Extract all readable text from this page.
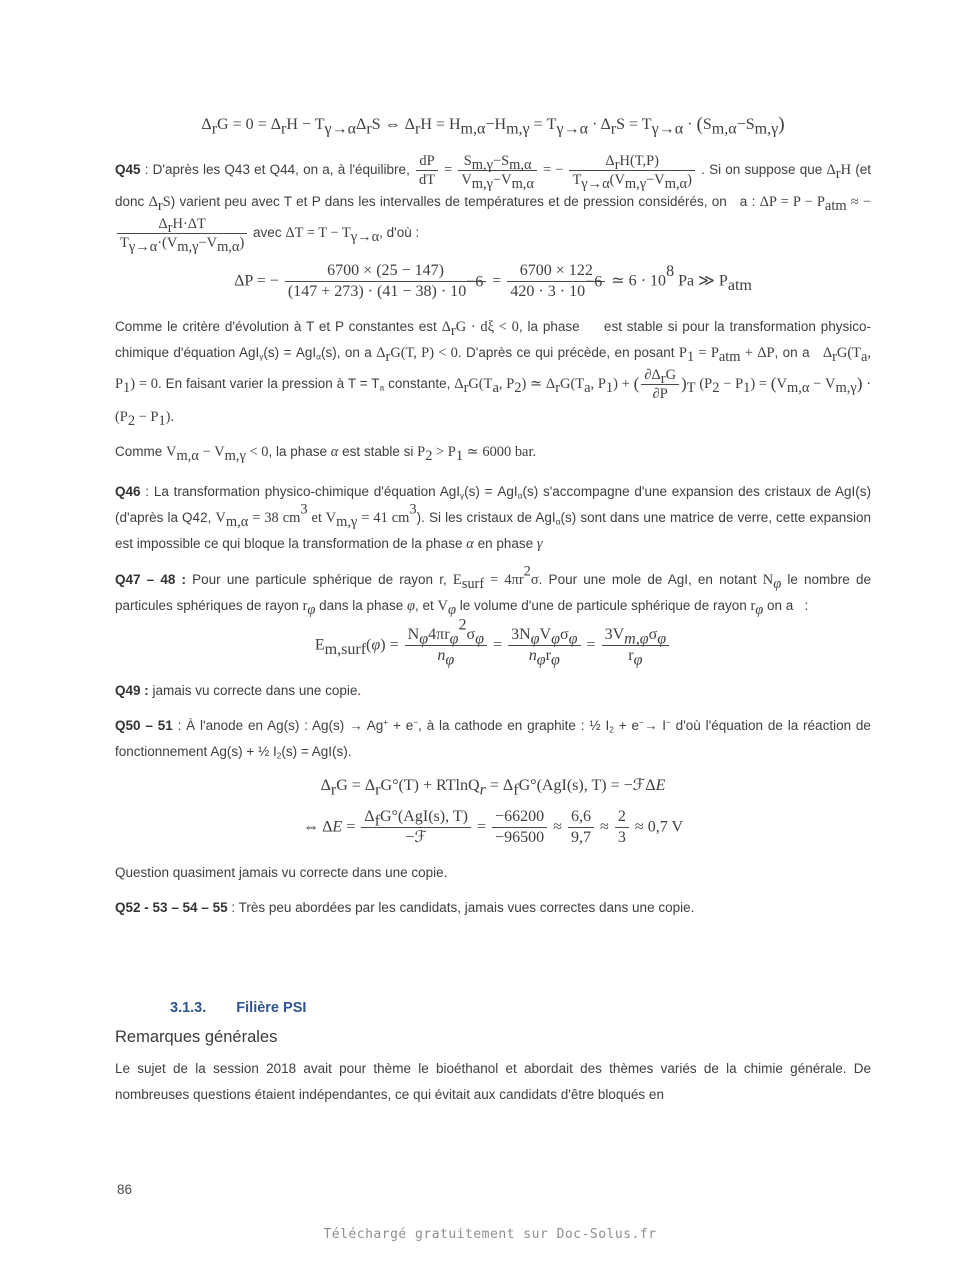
$\Delta_rG = 0 = \Delta_rH - T_{\gamma\to\alpha}\Delta_rS$ ⇔ $\Delta_rH = H_{m,\alpha}-H_{m,\gamma} = T_{\gamma\to\alpha} \cdot \Delta_rS = T_{\gamma\to\alpha} \cdot (S_{m,\alpha}-S_{m,\gamma})$

Q45 : D'après les Q43 et Q44, on a, à l'équilibre, $\frac{dP}{dT} = \frac{S_{m,\gamma}-S_{m,\alpha}}{V_{m,\gamma}-V_{m,\alpha}}$ = − $\frac{\Delta_rH(T,P)}{T_{\gamma\to\alpha}(V_{m,\gamma}-V_{m,\alpha})}$ . Si on suppose que $\Delta_rH$ (et donc $\Delta_rS$) varient peu avec T et P dans les intervalles de températures et de pression considérés, on   a : $\Delta P = P - P_{atm}$ ≈ −
$\frac{\Delta_rH\cdot\Delta T}{T_{\gamma\to\alpha}\cdot(V_{m,\gamma}-V_{m,\alpha})}$ avec $\Delta T = T - T_{\gamma\to\alpha}$, d'où :

ΔP = − $\frac{6700 \times (25 - 147)}{(147 + 273) \cdot (41 - 38) \cdot 10^{-6}} = \frac{6700 \times 122}{420 \cdot 3 \cdot 10^{-6}}$ ≃ $6 \cdot 10^8$ Pa ≫ $P_{atm}$

Comme le critère d'évolution à T et P constantes est $\Delta_rG \cdot d\xi < 0$, la phase     est stable si pour la transformation physico-chimique d'équation AgI$_\gamma$(s) = AgI$_\alpha$(s), on a $\Delta_rG(T$, P) < 0. D'après ce qui précède, en posant $P_1 = P_{atm} + \Delta P$, on a   $\Delta_rG(T_a$, $P_1) = 0$. En faisant varier la pression à $T = T_a$ constante, $\Delta_rG(T_a$, $P_2$) ≃ $\Delta_rG(T_a$, $P_1$) + ( $\frac{\partial\Delta_rG}{\partial P} )_T$ $(P_2 - P_1) = (V_{m,\alpha} - V_{m,\gamma}) \cdot (P_2 - P_1)$.

Comme $V_{m,\alpha} - V_{m,\gamma} < 0$, la phase α est stable si $P_2 > P_1$ ≃ 6000 bar.

Q46 : La transformation physico-chimique d'équation AgI$_\gamma$(s) = AgI$_\alpha$(s) s'accompagne d'une expansion des cristaux de AgI(s) (d'après la Q42, $V_{m,\alpha} = 38$ $cm^3$ et $V_{m,\gamma} = 41$ $cm^3$). Si les cristaux de AgI$_\alpha$(s) sont dans une matrice de verre, cette expansion est impossible ce qui bloque la transformation de la phase α en phase γ

Q47 – 48 : Pour une particule sphérique de rayon r, $E_{surf} = 4\pi r^2\sigma$. Pour une mole de AgI, en notant $N_\varphi$ le nombre de particules sphériques de rayon $r_\varphi$ dans la phase φ, et $V_\varphi$ le volume d'une de particule sphérique de rayon $r_\varphi$ on a   :

$E_{m,surf}(\varphi) = \frac{N_\varphi 4\pi r_\varphi^2\sigma_\varphi}{n_\varphi} = \frac{3N_\varphi V_\varphi\sigma_\varphi}{n_\varphi r_\varphi} = \frac{3V_{m,\varphi}\sigma_\varphi}{r_\varphi}$

Q49 : jamais vu correcte dans une copie.

Q50 – 51 : À l'anode en Ag(s) : Ag(s) → Ag+ + e−, à la cathode en graphite : ½ $I_2 + e^-\to I^-$ d'où l'équation de la réaction de fonctionnement Ag(s) + ½ $I_2(s) = AgI(s)$.

$\Delta_rG = \Delta_rG^\circ(T) + RTlnQ_r = \Delta_fG^\circ(AgI(s)$, T) = −ℱΔE
⇔ $\Delta E = \frac{\Delta_fG^\circ(AgI(s), T)}{\text{−ℱ}} = \frac{-66200}{-96500} \approx \frac{6,6}{9,7} \approx \frac{2}{3} \approx 0,7$ V

Question quasiment jamais vu correcte dans une copie.

Q52 - 53 – 54 – 55 : Très peu abordées par les candidats, jamais vues correctes dans une copie.

3.1.3. Filière PSI
Remarques générales

Le sujet de la session 2018 avait pour thème le bioéthanol et abordait des thèmes variés de la chimie générale. De nombreuses questions étaient indépendantes, ce qui évitait aux candidats d'être bloqués en

86
Téléchargé gratuitement sur Doc-Solus.fr
